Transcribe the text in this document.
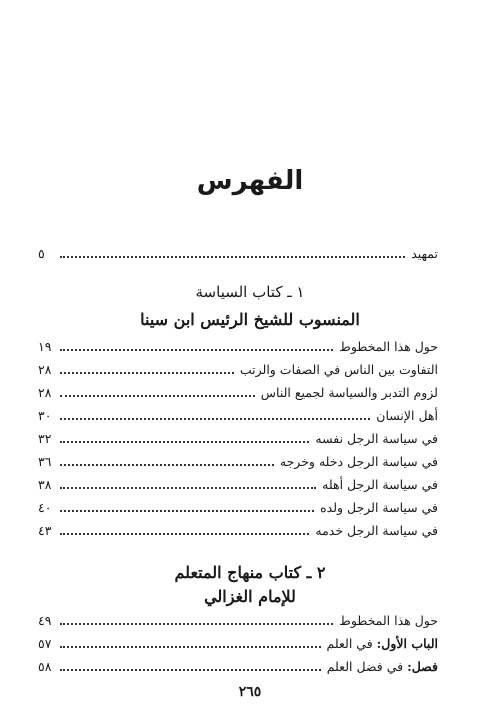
الفهرس
تمهيد
٥
١ ـ كتاب السياسة
المنسوب للشيخ الرئيس ابن سينا
حول هذا المخطوط
١٩
التفاوت بين الناس في الصفات والرتب
٢٨
لزوم التدبر والسياسة لجميع الناس
٢٨
أهل الإنسان
٣٠
في سياسة الرجل نفسه
٣٢
في سياسة الرجل دخله وخرجه
٣٦
في سياسة الرجل أهله
٣٨
في سياسة الرجل ولده
٤٠
في سياسة الرجل خدمه
٤٣
٢ ـ كتاب منهاج المتعلم
للإمام الغزالي
حول هذا المخطوط
٤٩
الباب الأول: في العلم
٥٧
فصل: في فضل العلم
٥٨
٢٦٥
